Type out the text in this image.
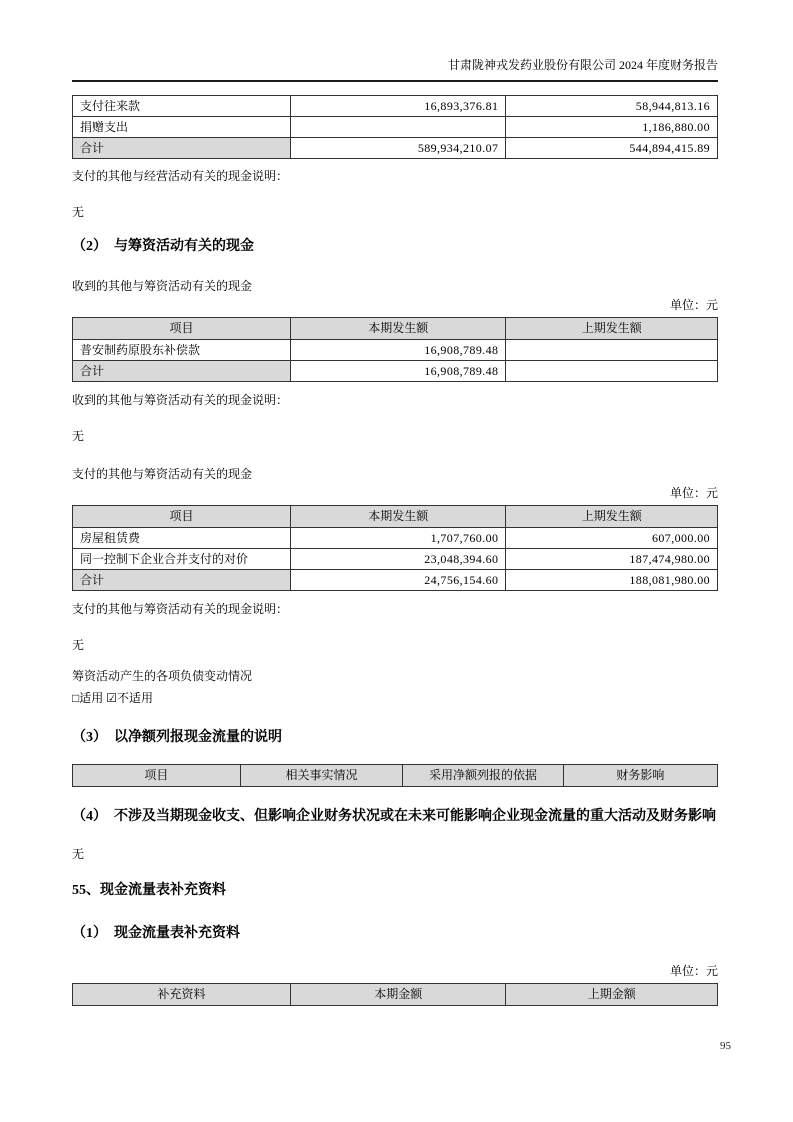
甘肃陇神戎发药业股份有限公司 2024 年度财务报告
支付往来款	16,893,376.81	58,944,813.16
捐赠支出		1,186,880.00
合计	589,934,210.07	544,894,415.89

支付的其他与经营活动有关的现金说明：

无

（2）　与筹资活动有关的现金

收到的其他与筹资活动有关的现金

单位：元
项目	本期发生额	上期发生额
普安制药原股东补偿款	16,908,789.48	
合计	16,908,789.48	

收到的其他与筹资活动有关的现金说明：

无

支付的其他与筹资活动有关的现金

单位：元
项目	本期发生额	上期发生额
房屋租赁费	1,707,760.00	607,000.00
同一控制下企业合并支付的对价	23,048,394.60	187,474,980.00
合计	24,756,154.60	188,081,980.00

支付的其他与筹资活动有关的现金说明：

无

筹资活动产生的各项负债变动情况

□适用 ☑不适用

（3）　以净额列报现金流量的说明
项目	相关事实情况	采用净额列报的依据	财务影响
（4）　不涉及当期现金收支、但影响企业财务状况或在未来可能影响企业现金流量的重大活动及财务影响

无

55、现金流量表补充资料
（1）　现金流量表补充资料
单位：元
补充资料	本期金额	上期金额
95
